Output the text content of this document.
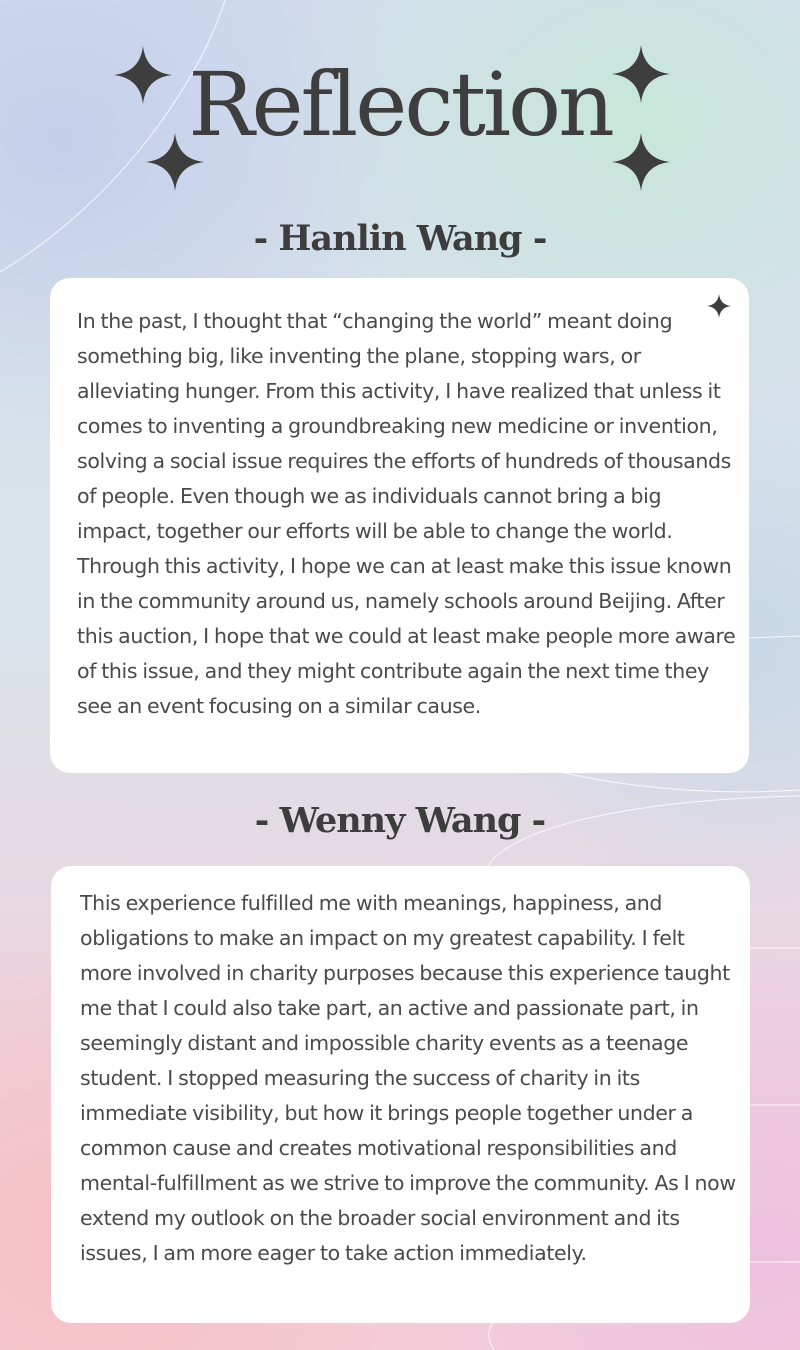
Reflection
- Hanlin Wang -

In the past, I thought that “changing the world” meant doing something big, like inventing the plane, stopping wars, or alleviating hunger. From this activity, I have realized that unless it comes to inventing a groundbreaking new medicine or invention, solving a social issue requires the efforts of hundreds of thousands of people. Even though we as individuals cannot bring a big impact, together our efforts will be able to change the world. Through this activity, I hope we can at least make this issue known in the community around us, namely schools around Beijing. After this auction, I hope that we could at least make people more aware of this issue, and they might contribute again the next time they see an event focusing on a similar cause.

- Wenny Wang -

This experience fulfilled me with meanings, happiness, and obligations to make an impact on my greatest capability. I felt more involved in charity purposes because this experience taught me that I could also take part, an active and passionate part, in seemingly distant and impossible charity events as a teenage student. I stopped measuring the success of charity in its immediate visibility, but how it brings people together under a common cause and creates motivational responsibilities and mental-fulfillment as we strive to improve the community. As I now extend my outlook on the broader social environment and its issues, I am more eager to take action immediately.
